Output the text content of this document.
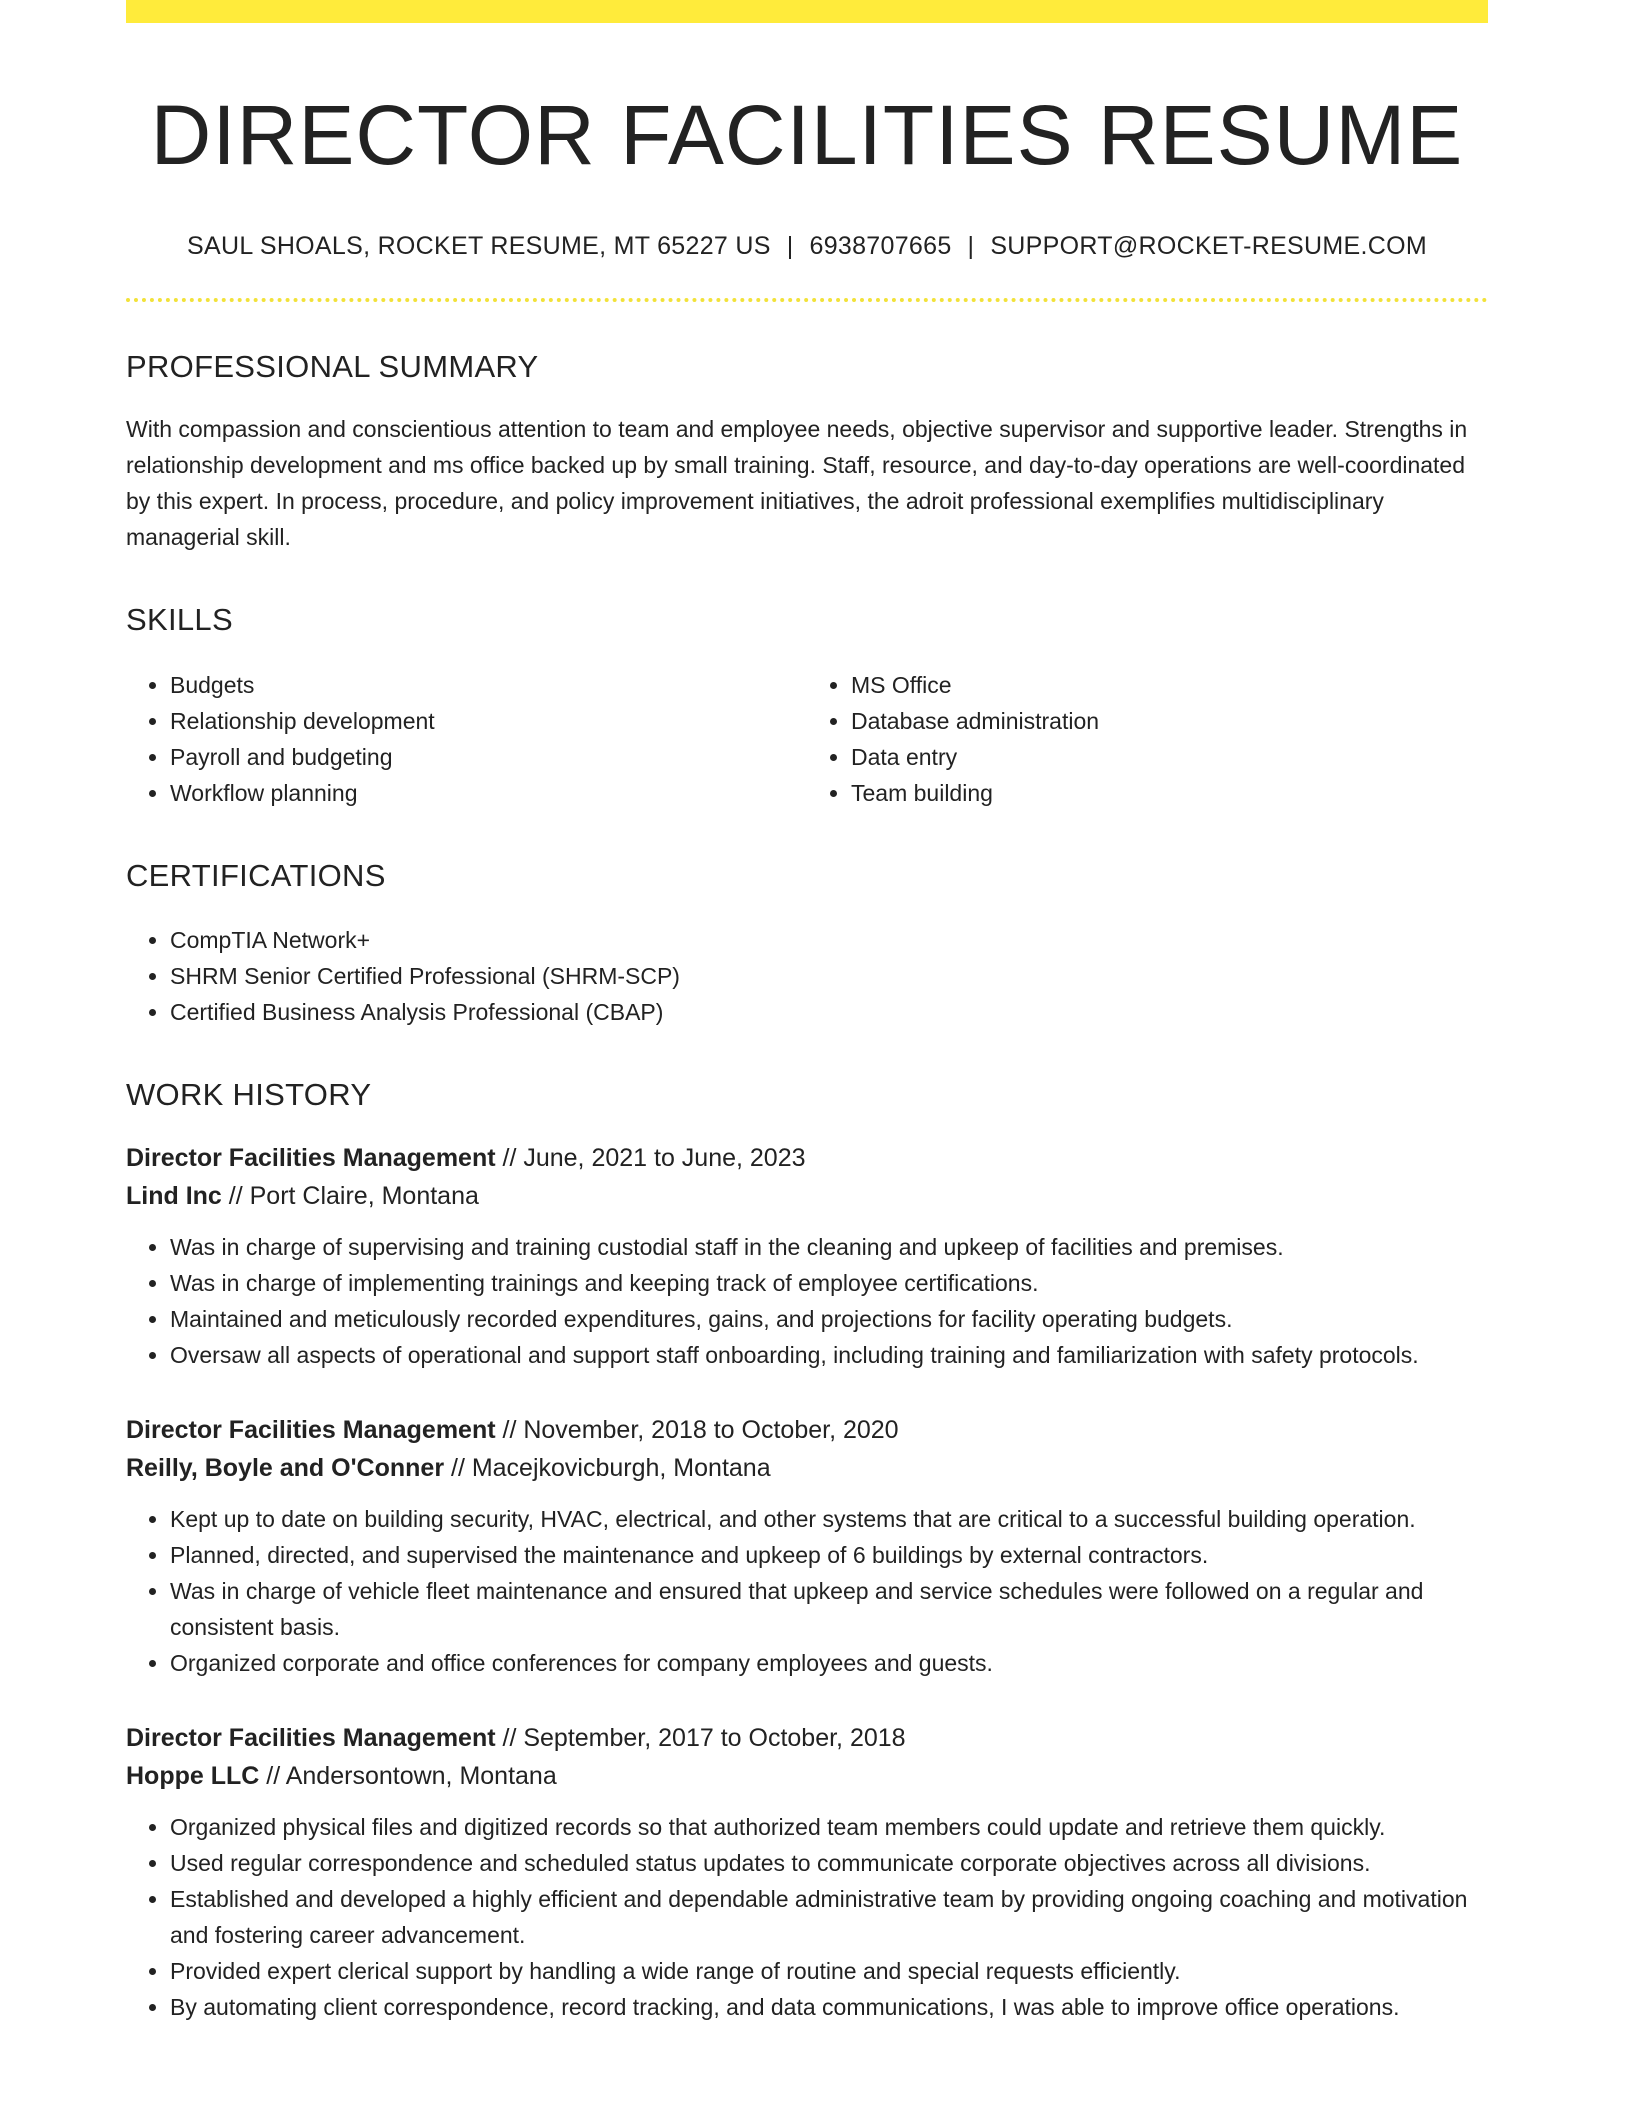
DIRECTOR FACILITIES RESUME
SAUL SHOALS, ROCKET RESUME, MT 65227 US | 6938707665 | SUPPORT@ROCKET-RESUME.COM
PROFESSIONAL SUMMARY

With compassion and conscientious attention to team and employee needs, objective supervisor and supportive leader. Strengths in relationship development and ms office backed up by small training. Staff, resource, and day-to-day operations are well-coordinated by this expert. In process, procedure, and policy improvement initiatives, the adroit professional exemplifies multidisciplinary managerial skill.

SKILLS
• Budgets
• Relationship development
• Payroll and budgeting
• Workflow planning
• MS Office
• Database administration
• Data entry
• Team building
CERTIFICATIONS
• CompTIA Network+
• SHRM Senior Certified Professional (SHRM-SCP)
• Certified Business Analysis Professional (CBAP)
WORK HISTORY
Director Facilities Management // June, 2021 to June, 2023
Lind Inc // Port Claire, Montana
• Was in charge of supervising and training custodial staff in the cleaning and upkeep of facilities and premises.
• Was in charge of implementing trainings and keeping track of employee certifications.
• Maintained and meticulously recorded expenditures, gains, and projections for facility operating budgets.
• Oversaw all aspects of operational and support staff onboarding, including training and familiarization with safety protocols.
Director Facilities Management // November, 2018 to October, 2020
Reilly, Boyle and O'Conner // Macejkovicburgh, Montana
• Kept up to date on building security, HVAC, electrical, and other systems that are critical to a successful building operation.
• Planned, directed, and supervised the maintenance and upkeep of 6 buildings by external contractors.
• Was in charge of vehicle fleet maintenance and ensured that upkeep and service schedules were followed on a regular and consistent basis.
• Organized corporate and office conferences for company employees and guests.
Director Facilities Management // September, 2017 to October, 2018
Hoppe LLC // Andersontown, Montana
• Organized physical files and digitized records so that authorized team members could update and retrieve them quickly.
• Used regular correspondence and scheduled status updates to communicate corporate objectives across all divisions.
• Established and developed a highly efficient and dependable administrative team by providing ongoing coaching and motivation and fostering career advancement.
• Provided expert clerical support by handling a wide range of routine and special requests efficiently.
• By automating client correspondence, record tracking, and data communications, I was able to improve office operations.
